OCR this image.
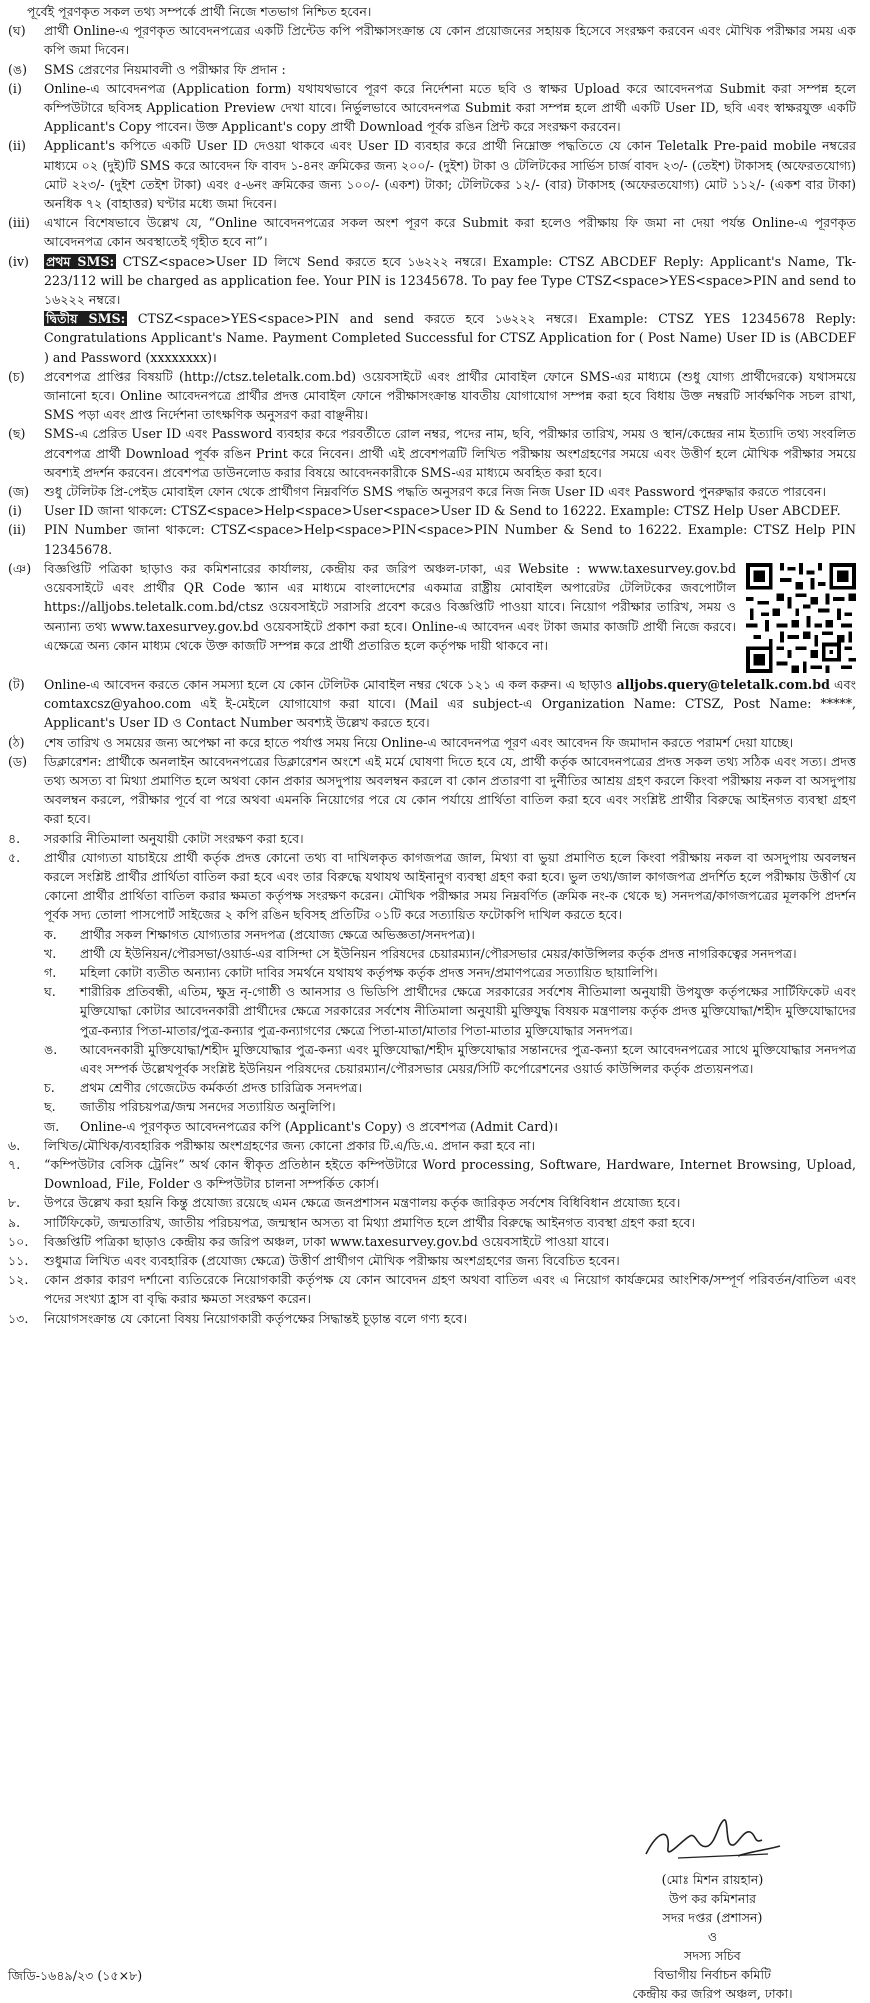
পূর্বেই পূরণকৃত সকল তথ্য সম্পর্কে প্রার্থী নিজে শতভাগ নিশ্চিত হবেন।
(ঘ)	প্রার্থী Online-এ পূরণকৃত আবেদনপত্রের একটি প্রিন্টেড কপি পরীক্ষাসংক্রান্ত যে কোন প্রয়োজনের সহায়ক হিসেবে সংরক্ষণ করবেন এবং মৌখিক পরীক্ষার সময় এক কপি জমা দিবেন।
(ঙ)	SMS প্রেরণের নিয়মাবলী ও পরীক্ষার ফি প্রদান :
(i)	Online-এ আবেদনপত্র (Application form) যথাযথভাবে পূরণ করে নির্দেশনা মতে ছবি ও স্বাক্ষর Upload করে আবেদনপত্র Submit করা সম্পন্ন হলে কম্পিউটারে ছবিসহ Application Preview দেখা যাবে। নির্ভুলভাবে আবেদনপত্র Submit করা সম্পন্ন হলে প্রার্থী একটি User ID, ছবি এবং স্বাক্ষরযুক্ত একটি Applicant's Copy পাবেন। উক্ত Applicant's copy প্রার্থী Download পূর্বক রঙিন প্রিন্ট করে সংরক্ষণ করবেন।
(ii)	Applicant's কপিতে একটি User ID দেওয়া থাকবে এবং User ID ব্যবহার করে প্রার্থী নিম্নোক্ত পদ্ধতিতে যে কোন Teletalk Pre-paid mobile নম্বরের মাধ্যমে ০২ (দুই)টি SMS করে আবেদন ফি বাবদ ১-৪নং ক্রমিকের জন্য ২০০/- (দুইশ) টাকা ও টেলিটকের সার্ভিস চার্জ বাবদ ২৩/- (তেইশ) টাকাসহ (অফেরতযোগ্য) মোট ২২৩/- (দুইশ তেইশ টাকা) এবং ৫-৬নং ক্রমিকের জন্য ১০০/- (একশ) টাকা; টেলিটকের ১২/- (বার) টাকাসহ (অফেরতযোগ্য) মোট ১১২/- (একশ বার টাকা) অনধিক ৭২ (বাহাত্তর) ঘণ্টার মধ্যে জমা দিবেন।
(iii)	এখানে বিশেষভাবে উল্লেখ যে, “Online আবেদনপত্রের সকল অংশ পূরণ করে Submit করা হলেও পরীক্ষায় ফি জমা না দেয়া পর্যন্ত Online-এ পূরণকৃত আবেদনপত্র কোন অবস্থাতেই গৃহীত হবে না”।
(iv)	প্রথম SMS: CTSZ<space>User ID লিখে Send করতে হবে ১৬২২২ নম্বরে। Example: CTSZ ABCDEF Reply: Applicant's Name, Tk-223/112 will be charged as application fee. Your PIN is 12345678. To pay fee Type CTSZ<space>YES<space>PIN and send to ১৬২২২ নম্বরে।
দ্বিতীয় SMS: CTSZ<space>YES<space>PIN and send করতে হবে ১৬২২২ নম্বরে। Example: CTSZ YES 12345678 Reply: Congratulations Applicant's Name. Payment Completed Successful for CTSZ Application for ( Post Name) User ID is (ABCDEF ) and Password (xxxxxxxx)।
(চ)	প্রবেশপত্র প্রাপ্তির বিষয়টি (http://ctsz.teletalk.com.bd) ওয়েবসাইটে এবং প্রার্থীর মোবাইল ফোনে SMS-এর মাধ্যমে (শুধু যোগ্য প্রার্থীদেরকে) যথাসময়ে জানানো হবে। Online আবেদনপত্রে প্রার্থীর প্রদত্ত মোবাইল ফোনে পরীক্ষাসংক্রান্ত যাবতীয় যোগাযোগ সম্পন্ন করা হবে বিধায় উক্ত নম্বরটি সার্বক্ষণিক সচল রাখা, SMS পড়া এবং প্রাপ্ত নির্দেশনা তাৎক্ষণিক অনুসরণ করা বাঞ্ছনীয়।
(ছ)	SMS-এ প্রেরিত User ID এবং Password ব্যবহার করে পরবর্তীতে রোল নম্বর, পদের নাম, ছবি, পরীক্ষার তারিখ, সময় ও স্থান/কেন্দ্রের নাম ইত্যাদি তথ্য সংবলিত প্রবেশপত্র প্রার্থী Download পূর্বক রঙিন Print করে নিবেন। প্রার্থী এই প্রবেশপত্রটি লিখিত পরীক্ষায় অংশগ্রহণের সময়ে এবং উত্তীর্ণ হলে মৌখিক পরীক্ষার সময়ে অবশ্যই প্রদর্শন করবেন। প্রবেশপত্র ডাউনলোড করার বিষয়ে আবেদনকারীকে SMS-এর মাধ্যমে অবহিত করা হবে।
(জ)	শুধু টেলিটক প্রি-পেইড মোবাইল ফোন থেকে প্রার্থীগণ নিম্নবর্ণিত SMS পদ্ধতি অনুসরণ করে নিজ নিজ User ID এবং Password পুনরুদ্ধার করতে পারবেন।
(i)	User ID জানা থাকলে: CTSZ<space>Help<space>User<space>User ID & Send to 16222. Example: CTSZ Help User ABCDEF.
(ii)	PIN Number জানা থাকলে: CTSZ<space>Help<space>PIN<space>PIN Number & Send to 16222. Example: CTSZ Help PIN 12345678.
(ঞ)	বিজ্ঞপ্তিটি পত্রিকা ছাড়াও কর কমিশনারের কার্যালয়, কেন্দ্রীয় কর জরিপ অঞ্চল-ঢাকা, এর Website : www.taxesurvey.gov.bd ওয়েবসাইটে এবং প্রার্থীর QR Code স্ক্যান এর মাধ্যমে বাংলাদেশের একমাত্র রাষ্ট্রীয় মোবাইল অপারেটর টেলিটকের জবপোর্টাল https://alljobs.teletalk.com.bd/ctsz ওয়েবসাইটে সরাসরি প্রবেশ করেও বিজ্ঞপ্তিটি পাওয়া যাবে। নিয়োগ পরীক্ষার তারিখ, সময় ও অন্যান্য তথ্য www.taxesurvey.gov.bd ওয়েবসাইটে প্রকাশ করা হবে। Online-এ আবেদন এবং টাকা জমার কাজটি প্রার্থী নিজে করবে। এক্ষেত্রে অন্য কোন মাধ্যম থেকে উক্ত কাজটি সম্পন্ন করে প্রার্থী প্রতারিত হলে কর্তৃপক্ষ দায়ী থাকবে না।
(ট)	Online-এ আবেদন করতে কোন সমস্যা হলে যে কোন টেলিটক মোবাইল নম্বর থেকে ১২১ এ কল করুন। এ ছাড়াও alljobs.query@teletalk.com.bd এবং comtaxcsz@yahoo.com এই ই-মেইলে যোগাযোগ করা যাবে। (Mail এর subject-এ Organization Name: CTSZ, Post Name: *****, Applicant's User ID ও Contact Number অবশ্যই উল্লেখ করতে হবে।
(ঠ)	শেষ তারিখ ও সময়ের জন্য অপেক্ষা না করে হাতে পর্যাপ্ত সময় নিয়ে Online-এ আবেদনপত্র পূরণ এবং আবেদন ফি জমাদান করতে পরামর্শ দেয়া যাচ্ছে।
(ড)	ডিক্লারেশন: প্রার্থীকে অনলাইন আবেদনপত্রের ডিক্লারেশন অংশে এই মর্মে ঘোষণা দিতে হবে যে, প্রার্থী কর্তৃক আবেদনপত্রের প্রদত্ত সকল তথ্য সঠিক এবং সত্য। প্রদত্ত তথ্য অসত্য বা মিথ্যা প্রমাণিত হলে অথবা কোন প্রকার অসদুপায় অবলম্বন করলে বা কোন প্রতারণা বা দুর্নীতির আশ্রয় গ্রহণ করলে কিংবা পরীক্ষায় নকল বা অসদুপায় অবলম্বন করলে, পরীক্ষার পূর্বে বা পরে অথবা এমনকি নিয়োগের পরে যে কোন পর্যায়ে প্রার্থিতা বাতিল করা হবে এবং সংশ্লিষ্ট প্রার্থীর বিরুদ্ধে আইনগত ব্যবস্থা গ্রহণ করা হবে।
৪.	সরকারি নীতিমালা অনুযায়ী কোটা সংরক্ষণ করা হবে।
৫.	প্রার্থীর যোগ্যতা যাচাইয়ে প্রার্থী কর্তৃক প্রদত্ত কোনো তথ্য বা দাখিলকৃত কাগজপত্র জাল, মিথ্যা বা ভুয়া প্রমাণিত হলে কিংবা পরীক্ষায় নকল বা অসদুপায় অবলম্বন করলে সংশ্লিষ্ট প্রার্থীর প্রার্থিতা বাতিল করা হবে এবং তার বিরুদ্ধে যথাযথ আইনানুগ ব্যবস্থা গ্রহণ করা হবে। ভুল তথ্য/জাল কাগজপত্র প্রদর্শিত হলে পরীক্ষায় উত্তীর্ণ যে কোনো প্রার্থীর প্রার্থিতা বাতিল করার ক্ষমতা কর্তৃপক্ষ সংরক্ষণ করেন। মৌখিক পরীক্ষার সময় নিম্নবর্ণিত (ক্রমিক নং-ক থেকে ছ) সনদপত্র/কাগজপত্রের মূলকপি প্রদর্শন পূর্বক সদ্য তোলা পাসপোর্ট সাইজের ২ কপি রঙিন ছবিসহ প্রতিটির ০১টি করে সত্যায়িত ফটোকপি দাখিল করতে হবে।
ক.	প্রার্থীর সকল শিক্ষাগত যোগ্যতার সনদপত্র (প্রযোজ্য ক্ষেত্রে অভিজ্ঞতা/সনদপত্র)।
খ.	প্রার্থী যে ইউনিয়ন/পৌরসভা/ওয়ার্ড-এর বাসিন্দা সে ইউনিয়ন পরিষদের চেয়ারম্যান/পৌরসভার মেয়র/কাউন্সিলর কর্তৃক প্রদত্ত নাগরিকত্বের সনদপত্র।
গ.	মহিলা কোটা ব্যতীত অন্যান্য কোটা দাবির সমর্থনে যথাযথ কর্তৃপক্ষ কর্তৃক প্রদত্ত সনদ/প্রমাণপত্রের সত্যায়িত ছায়ালিপি।
ঘ.	শারীরিক প্রতিবন্ধী, এতিম, ক্ষুদ্র নৃ-গোষ্ঠী ও আনসার ও ভিডিপি প্রার্থীদের ক্ষেত্রে সরকারের সর্বশেষ নীতিমালা অনুযায়ী উপযুক্ত কর্তৃপক্ষের সার্টিফিকেট এবং মুক্তিযোদ্ধা কোটার আবেদনকারী প্রার্থীদের ক্ষেত্রে সরকারের সর্বশেষ নীতিমালা অনুযায়ী মুক্তিযুদ্ধ বিষয়ক মন্ত্রণালয় কর্তৃক প্রদত্ত মুক্তিযোদ্ধা/শহীদ মুক্তিযোদ্ধাদের পুত্র-কন্যার পিতা-মাতার/পুত্র-কন্যার পুত্র-কন্যাগণের ক্ষেত্রে পিতা-মাতা/মাতার পিতা-মাতার মুক্তিযোদ্ধার সনদপত্র।
ঙ.	আবেদনকারী মুক্তিযোদ্ধা/শহীদ মুক্তিযোদ্ধার পুত্র-কন্যা এবং মুক্তিযোদ্ধা/শহীদ মুক্তিযোদ্ধার সন্তানদের পুত্র-কন্যা হলে আবেদনপত্রের সাথে মুক্তিযোদ্ধার সনদপত্র এবং সম্পর্ক উল্লেখপূর্বক সংশ্লিষ্ট ইউনিয়ন পরিষদের চেয়ারম্যান/পৌরসভার মেয়র/সিটি কর্পোরেশনের ওয়ার্ড কাউন্সিলর কর্তৃক প্রত্যয়নপত্র।
চ.	প্রথম শ্রেণীর গেজেটেড কর্মকর্তা প্রদত্ত চারিত্রিক সনদপত্র।
ছ.	জাতীয় পরিচয়পত্র/জন্ম সনদের সত্যায়িত অনুলিপি।
জ.	Online-এ পূরণকৃত আবেদনপত্রের কপি (Applicant's Copy) ও প্রবেশপত্র (Admit Card)।
৬.	লিখিত/মৌখিক/ব্যবহারিক পরীক্ষায় অংশগ্রহণের জন্য কোনো প্রকার টি.এ/ডি.এ. প্রদান করা হবে না।
৭.	“কম্পিউটার বেসিক ট্রেনিং” অর্থ কোন স্বীকৃত প্রতিষ্ঠান হইতে কম্পিউটারে Word processing, Software, Hardware, Internet Browsing, Upload, Download, File, Folder ও কম্পিউটার চালনা সম্পর্কিত কোর্স।
৮.	উপরে উল্লেখ করা হয়নি কিন্তু প্রযোজ্য রয়েছে এমন ক্ষেত্রে জনপ্রশাসন মন্ত্রণালয় কর্তৃক জারিকৃত সর্বশেষ বিধিবিধান প্রযোজ্য হবে।
৯.	সার্টিফিকেট, জন্মতারিখ, জাতীয় পরিচয়পত্র, জন্মস্থান অসত্য বা মিথ্যা প্রমাণিত হলে প্রার্থীর বিরুদ্ধে আইনগত ব্যবস্থা গ্রহণ করা হবে।
১০.	বিজ্ঞপ্তিটি পত্রিকা ছাড়াও কেন্দ্রীয় কর জরিপ অঞ্চল, ঢাকা www.taxesurvey.gov.bd ওয়েবসাইটে পাওয়া যাবে।
১১.	শুধুমাত্র লিখিত এবং ব্যবহারিক (প্রযোজ্য ক্ষেত্রে) উত্তীর্ণ প্রার্থীগণ মৌখিক পরীক্ষায় অংশগ্রহণের জন্য বিবেচিত হবেন।
১২.	কোন প্রকার কারণ দর্শানো ব্যতিরেকে নিয়োগকারী কর্তৃপক্ষ যে কোন আবেদন গ্রহণ অথবা বাতিল এবং এ নিয়োগ কার্যক্রমের আংশিক/সম্পূর্ণ পরিবর্তন/বাতিল এবং পদের সংখ্যা হ্রাস বা বৃদ্ধি করার ক্ষমতা সংরক্ষণ করেন।
১৩.	নিয়োগসংক্রান্ত যে কোনো বিষয় নিয়োগকারী কর্তৃপক্ষের সিদ্ধান্তই চূড়ান্ত বলে গণ্য হবে।
(মোঃ মিশন রায়হান)
উপ কর কমিশনার
সদর দপ্তর (প্রশাসন)
ও
সদস্য সচিব
বিভাগীয় নির্বাচন কমিটি
কেন্দ্রীয় কর জরিপ অঞ্চল, ঢাকা।
জিডি-১৬৪৯/২৩ (১৫×৮)
